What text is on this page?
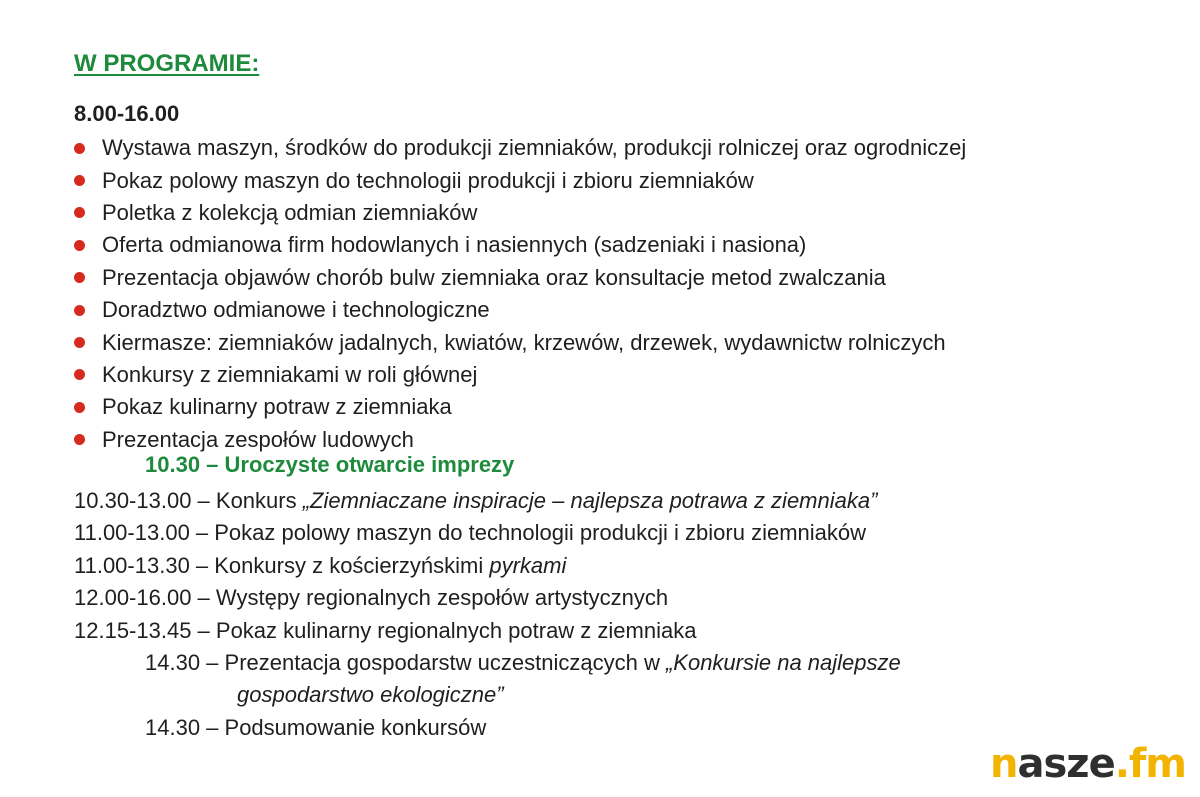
W PROGRAMIE:

8.00-16.00

Wystawa maszyn, środków do produkcji ziemniaków, produkcji rolniczej oraz ogrodniczej
Pokaz polowy maszyn do technologii produkcji i zbioru ziemniaków
Poletka z kolekcją odmian ziemniaków
Oferta odmianowa firm hodowlanych i nasiennych (sadzeniaki i nasiona)
Prezentacja objawów chorób bulw ziemniaka oraz konsultacje metod zwalczania
Doradztwo odmianowe i technologiczne
Kiermasze: ziemniaków jadalnych, kwiatów, krzewów, drzewek, wydawnictw rolniczych
Konkursy z ziemniakami w roli głównej
Pokaz kulinarny potraw z ziemniaka
Prezentacja zespołów ludowych

10.30 – Uroczyste otwarcie imprezy

10.30-13.00 – Konkurs „Ziemniaczane inspiracje – najlepsza potrawa z ziemniaka”
11.00-13.00 – Pokaz polowy maszyn do technologii produkcji i zbioru ziemniaków
11.00-13.30 – Konkursy z kościerzyńskimi pyrkami
12.00-16.00 – Występy regionalnych zespołów artystycznych
12.15-13.45 – Pokaz kulinarny regionalnych potraw z ziemniaka
14.30 – Prezentacja gospodarstw uczestniczących w „Konkursie na najlepsze
gospodarstwo ekologiczne”
14.30 – Podsumowanie konkursów
nasze.fm
